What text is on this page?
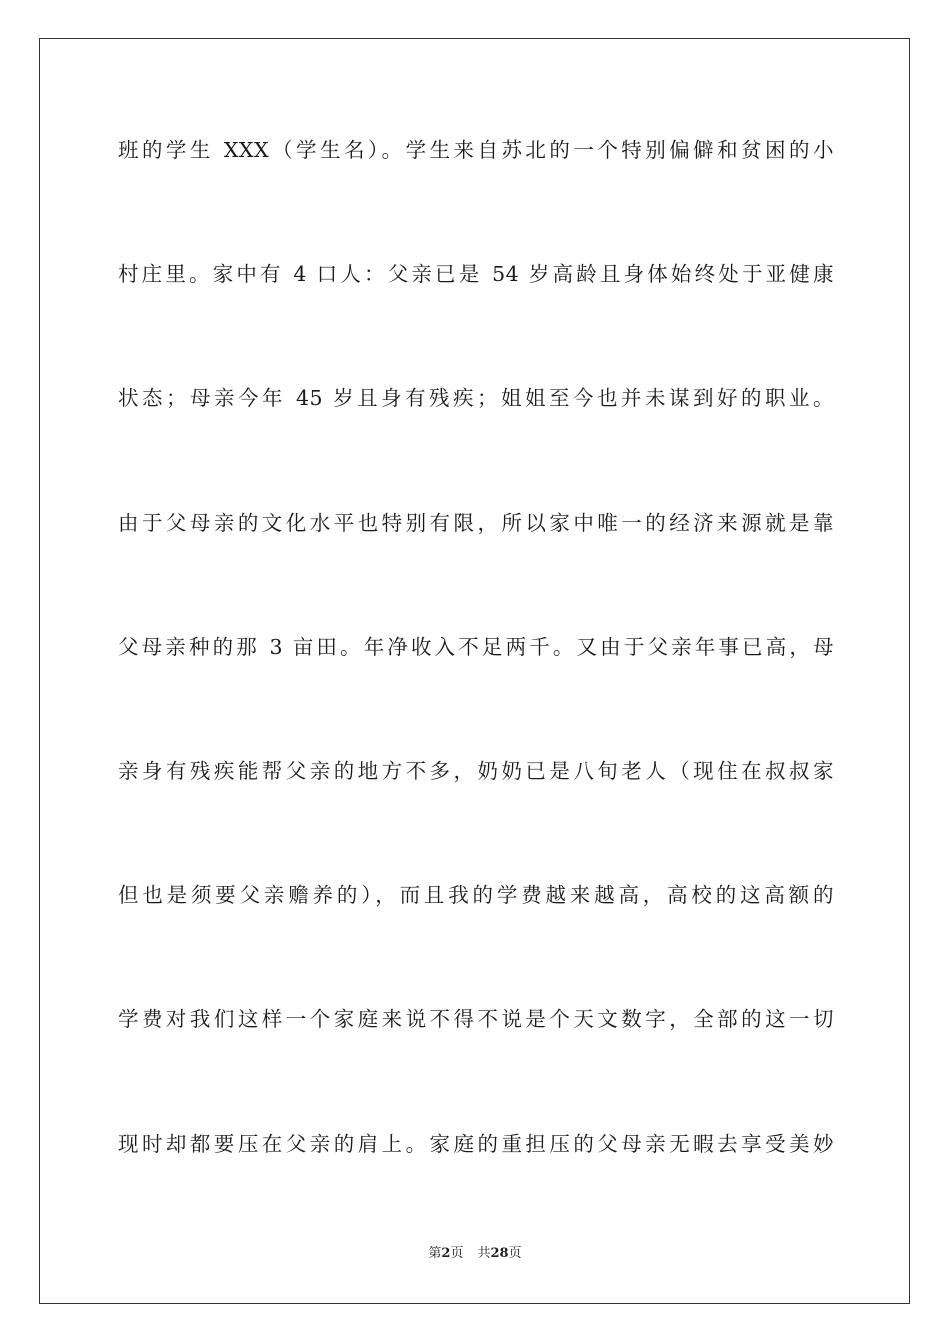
班的学生 XXX（学生名）。学生来自苏北的一个特别偏僻和贫困的小
村庄里。家中有 4 口人：父亲已是 54 岁高龄且身体始终处于亚健康
状态；母亲今年 45 岁且身有残疾；姐姐至今也并未谋到好的职业。
由于父母亲的文化水平也特别有限，所以家中唯一的经济来源就是靠
父母亲种的那 3 亩田。年净收入不足两千。又由于父亲年事已高，母
亲身有残疾能帮父亲的地方不多，奶奶已是八旬老人（现住在叔叔家
但也是须要父亲赡养的），而且我的学费越来越高，高校的这高额的
学费对我们这样一个家庭来说不得不说是个天文数字，全部的这一切
现时却都要压在父亲的肩上。家庭的重担压的父母亲无暇去享受美妙
第2页 共28页
